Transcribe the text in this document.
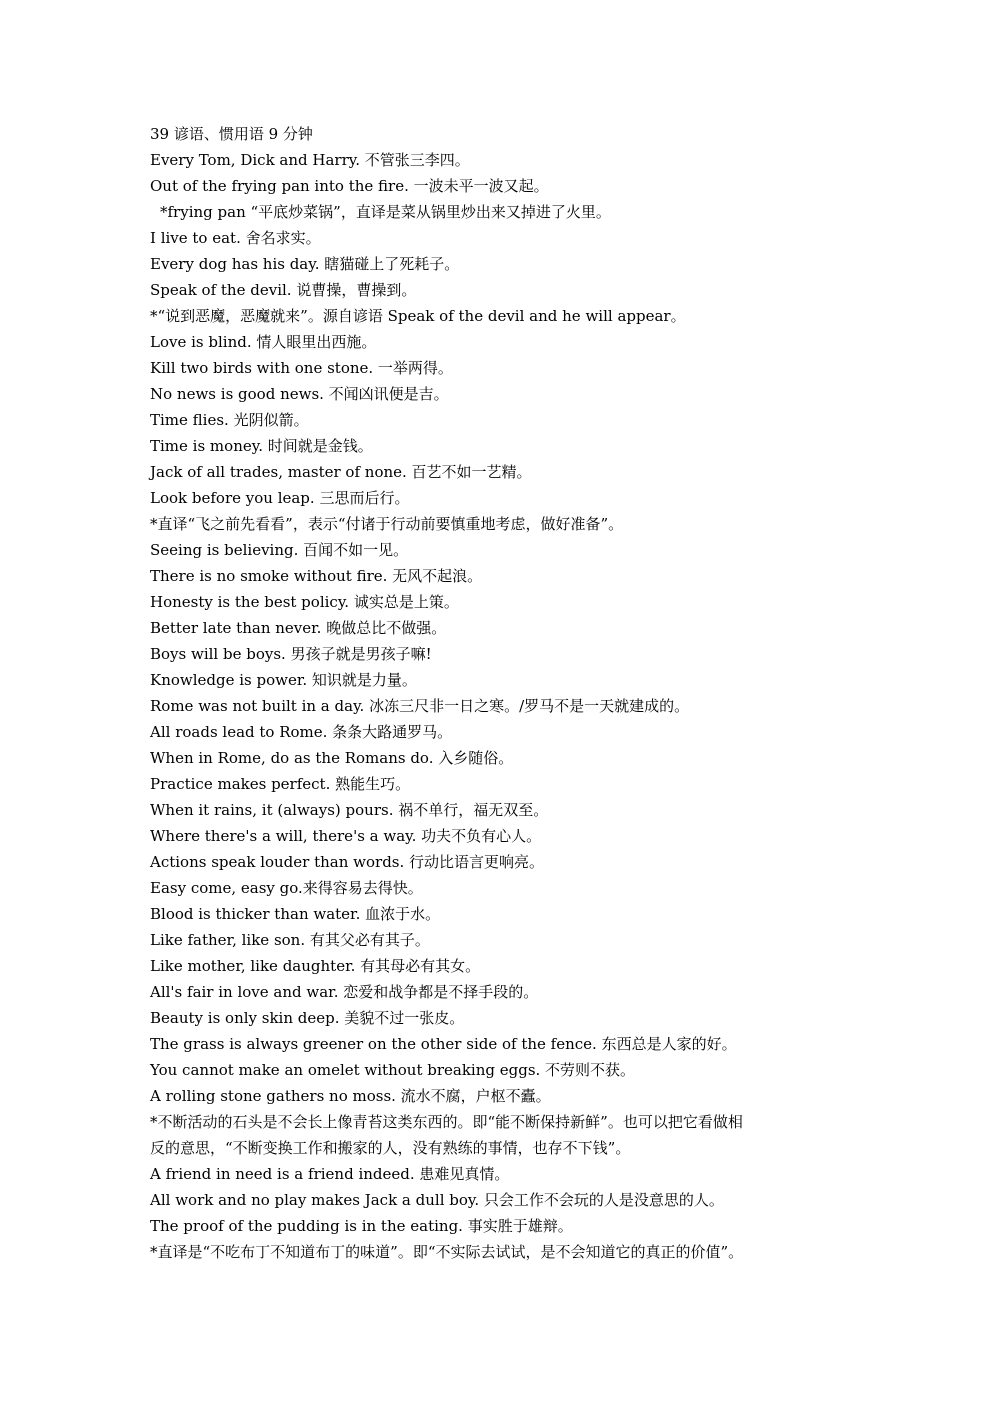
39 谚语、惯用语 9 分钟
Every Tom, Dick and Harry. 不管张三李四。
Out of the frying pan into the fire. 一波未平一波又起。
*frying pan “平底炒菜锅”，直译是菜从锅里炒出来又掉进了火里。
I live to eat. 舍名求实。
Every dog has his day. 瞎猫碰上了死耗子。
Speak of the devil. 说曹操，曹操到。
*“说到恶魔，恶魔就来”。源自谚语 Speak of the devil and he will appear。
Love is blind. 情人眼里出西施。
Kill two birds with one stone. 一举两得。
No news is good news. 不闻凶讯便是吉。
Time flies. 光阴似箭。
Time is money. 时间就是金钱。
Jack of all trades, master of none. 百艺不如一艺精。
Look before you leap. 三思而后行。
*直译“飞之前先看看”，表示“付诸于行动前要慎重地考虑，做好准备”。
Seeing is believing. 百闻不如一见。
There is no smoke without fire. 无风不起浪。
Honesty is the best policy. 诚实总是上策。
Better late than never. 晚做总比不做强。
Boys will be boys. 男孩子就是男孩子嘛!
Knowledge is power. 知识就是力量。
Rome was not built in a day. 冰冻三尺非一日之寒。/罗马不是一天就建成的。
All roads lead to Rome. 条条大路通罗马。
When in Rome, do as the Romans do. 入乡随俗。
Practice makes perfect. 熟能生巧。
When it rains, it (always) pours. 祸不单行，福无双至。
Where there's a will, there's a way. 功夫不负有心人。
Actions speak louder than words. 行动比语言更响亮。
Easy come, easy go.来得容易去得快。
Blood is thicker than water. 血浓于水。
Like father, like son. 有其父必有其子。
Like mother, like daughter. 有其母必有其女。
All's fair in love and war. 恋爱和战争都是不择手段的。
Beauty is only skin deep. 美貌不过一张皮。
The grass is always greener on the other side of the fence. 东西总是人家的好。
You cannot make an omelet without breaking eggs. 不劳则不获。
A rolling stone gathers no moss. 流水不腐，户枢不蠹。
*不断活动的石头是不会长上像青苔这类东西的。即“能不断保持新鲜”。也可以把它看做相
反的意思，“不断变换工作和搬家的人，没有熟练的事情，也存不下钱”。
A friend in need is a friend indeed. 患难见真情。
All work and no play makes Jack a dull boy. 只会工作不会玩的人是没意思的人。
The proof of the pudding is in the eating. 事实胜于雄辩。
*直译是“不吃布丁不知道布丁的味道”。即“不实际去试试，是不会知道它的真正的价值”。
